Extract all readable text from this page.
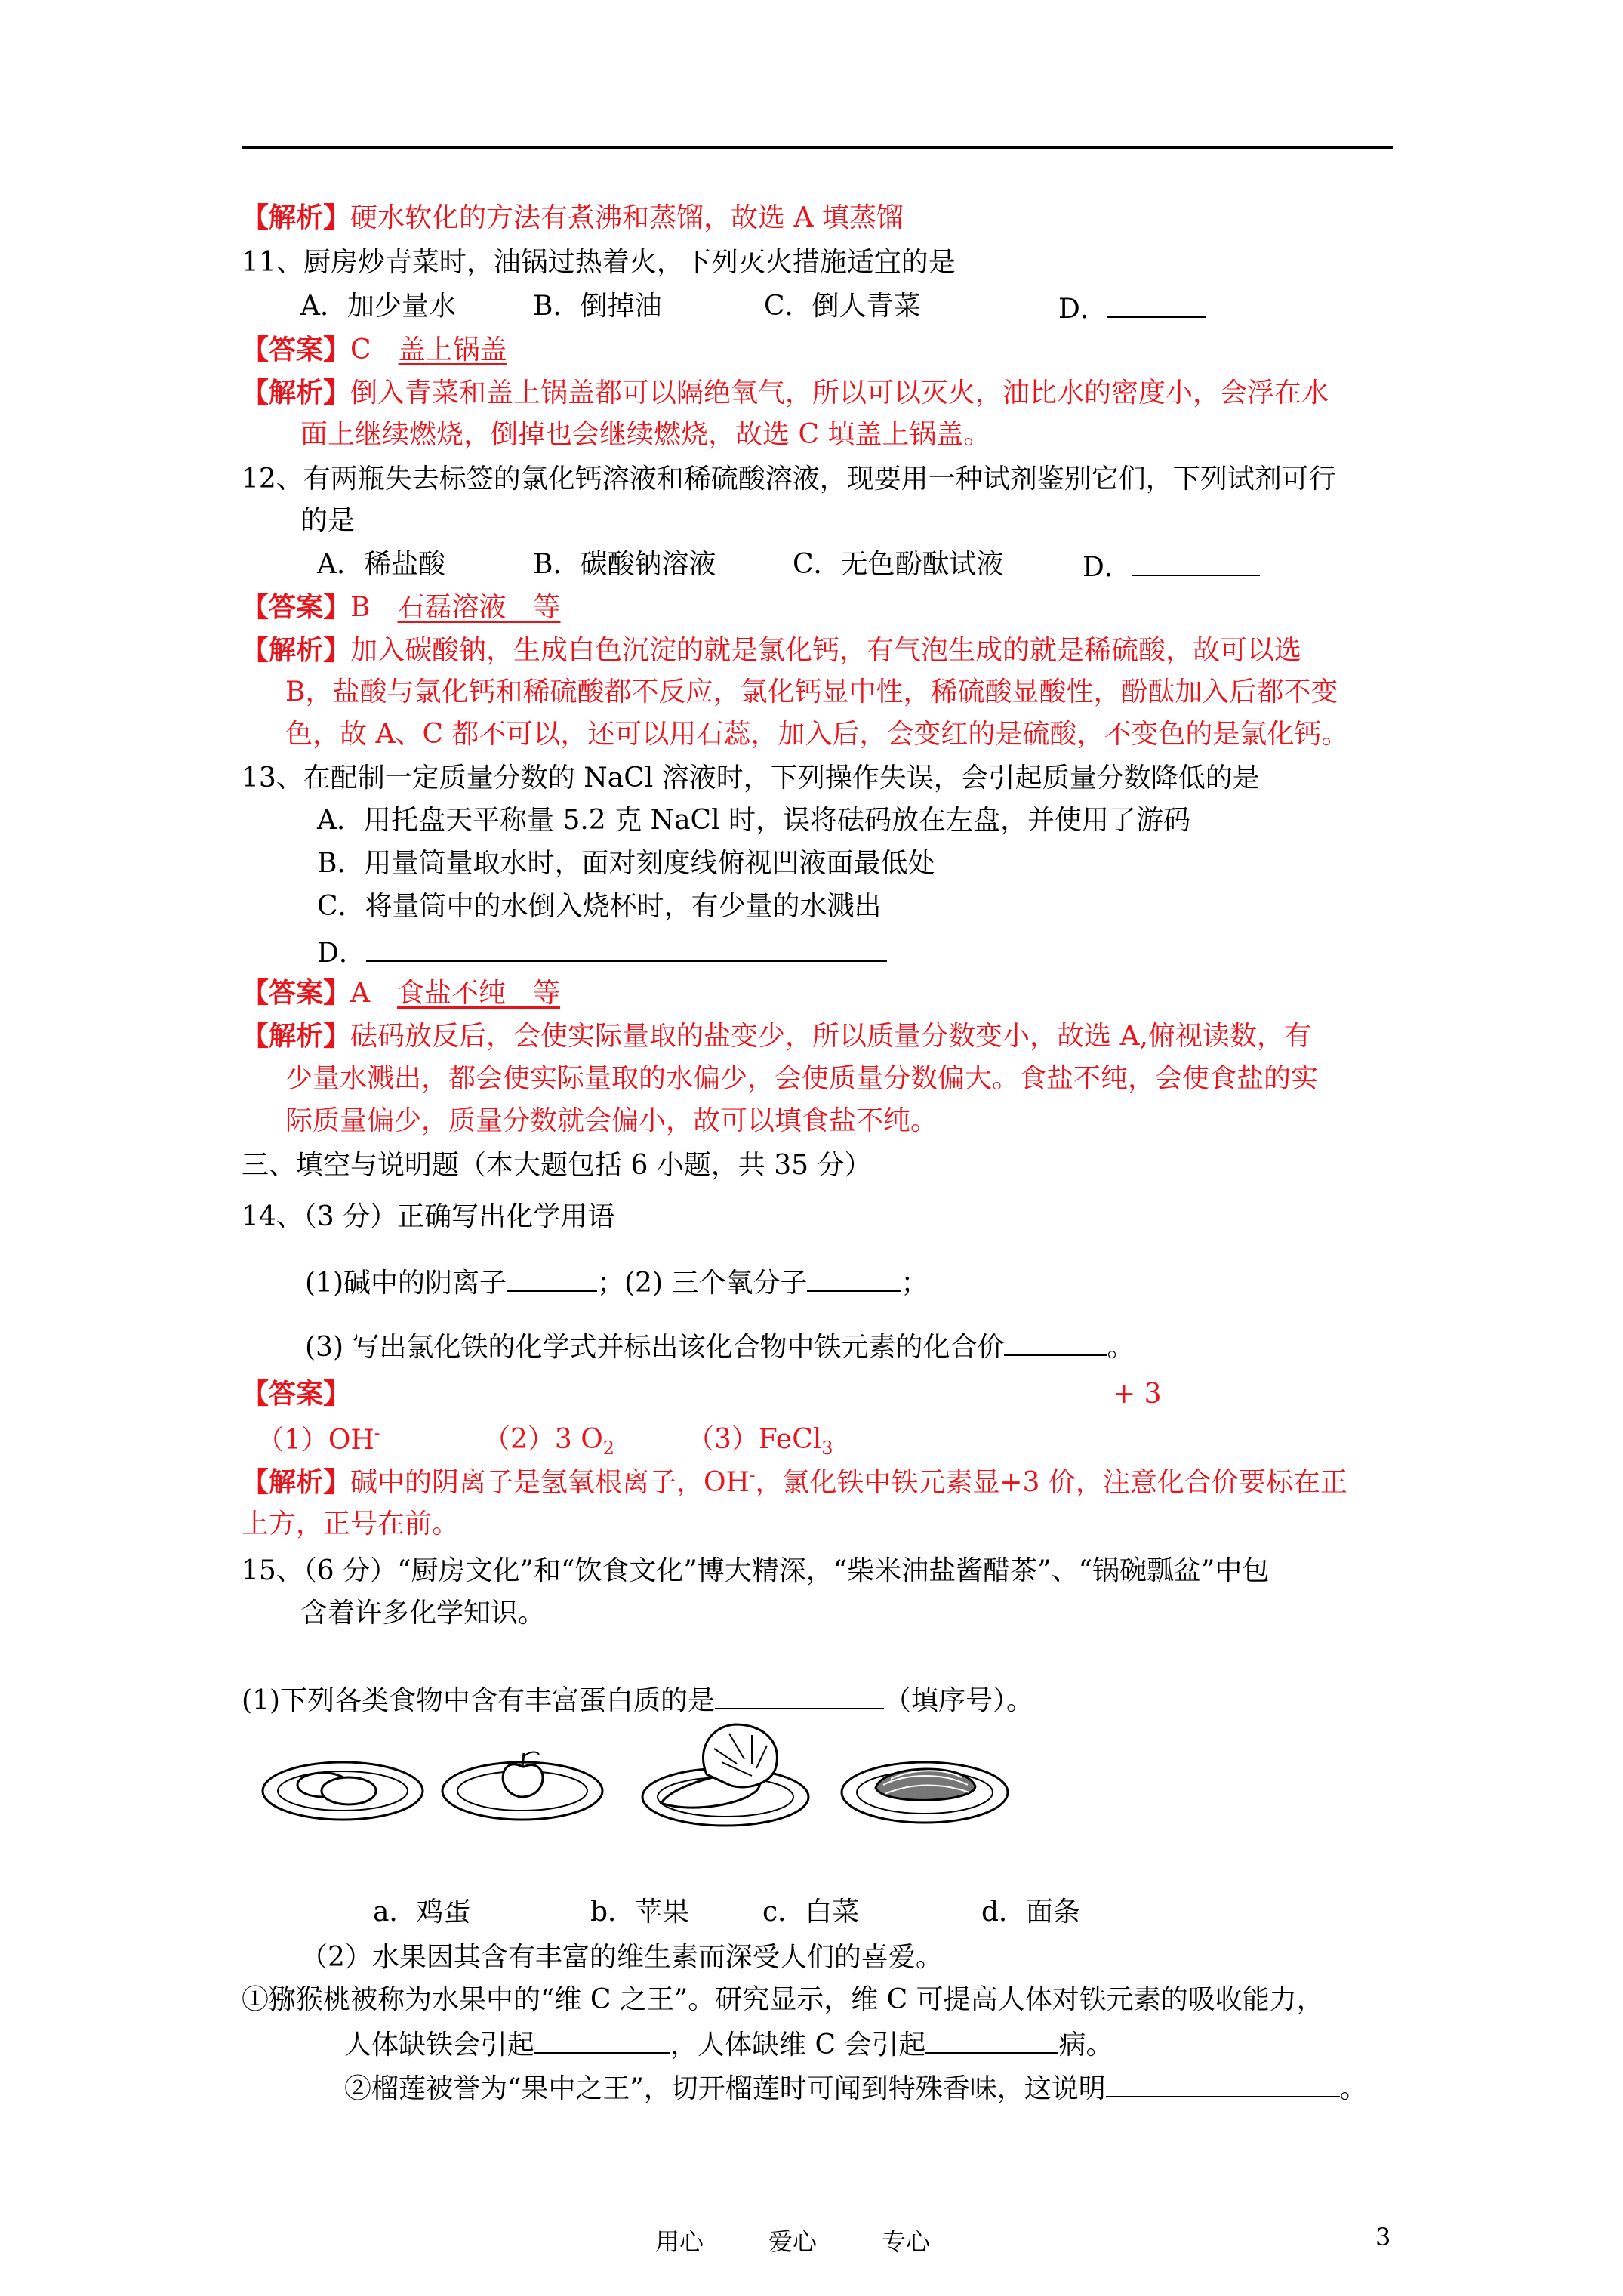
【解析】硬水软化的方法有煮沸和蒸馏，故选 A 填蒸馏
11、厨房炒青菜时，油锅过热着火，下列灭火措施适宜的是
A．加少量水	B．倒掉油	C．倒人青菜	D．
【答案】C 盖上锅盖
【解析】倒入青菜和盖上锅盖都可以隔绝氧气，所以可以灭火，油比水的密度小，会浮在水
面上继续燃烧，倒掉也会继续燃烧，故选 C 填盖上锅盖。
12、有两瓶失去标签的氯化钙溶液和稀硫酸溶液，现要用一种试剂鉴别它们，下列试剂可行
的是
A．稀盐酸	B．碳酸钠溶液	C．无色酚酞试液	D．
【答案】B 石磊溶液　等
【解析】加入碳酸钠，生成白色沉淀的就是氯化钙，有气泡生成的就是稀硫酸，故可以选
B，盐酸与氯化钙和稀硫酸都不反应，氯化钙显中性，稀硫酸显酸性，酚酞加入后都不变
色，故 A、C 都不可以，还可以用石蕊，加入后，会变红的是硫酸，不变色的是氯化钙。
13、在配制一定质量分数的 NaCl 溶液时，下列操作失误，会引起质量分数降低的是
A．用托盘天平称量 5.2 克 NaCl 时，误将砝码放在左盘，并使用了游码
B．用量筒量取水时，面对刻度线俯视凹液面最低处
C．将量筒中的水倒入烧杯时，有少量的水溅出
D．
【答案】A 食盐不纯　等
【解析】砝码放反后，会使实际量取的盐变少，所以质量分数变小，故选 A,俯视读数，有
少量水溅出，都会使实际量取的水偏少，会使质量分数偏大。食盐不纯，会使食盐的实
际质量偏少，质量分数就会偏小，故可以填食盐不纯。
三、填空与说明题（本大题包括 6 小题，共 35 分）
14、（3 分）正确写出化学用语
(1)碱中的阴离子	；(2) 三个氧分子	；
(3) 写出氯化铁的化学式并标出该化合物中铁元素的化合价	。
【答案】	+ 3
（1）OH-	（2）3 $O_2$	（3）FeCl$_3$
【解析】碱中的阴离子是氢氧根离子，OH-，氯化铁中铁元素显+3 价，注意化合价要标在正
上方，正号在前。
15、（6 分）“厨房文化”和“饮食文化”博大精深，“柴米油盐酱醋茶”、“锅碗瓢盆”中包
含着许多化学知识。
(1)下列各类食物中含有丰富蛋白质的是	（填序号）。
a．鸡蛋	b．苹果	c．白菜	d．面条
（2）水果因其含有丰富的维生素而深受人们的喜爱。
①猕猴桃被称为水果中的“维 C 之王”。研究显示，维 C 可提高人体对铁元素的吸收能力，
人体缺铁会引起	，人体缺维 C 会引起	病。
②榴莲被誉为“果中之王”，切开榴莲时可闻到特殊香味，这说明	。
用心	爱心	专心	3
